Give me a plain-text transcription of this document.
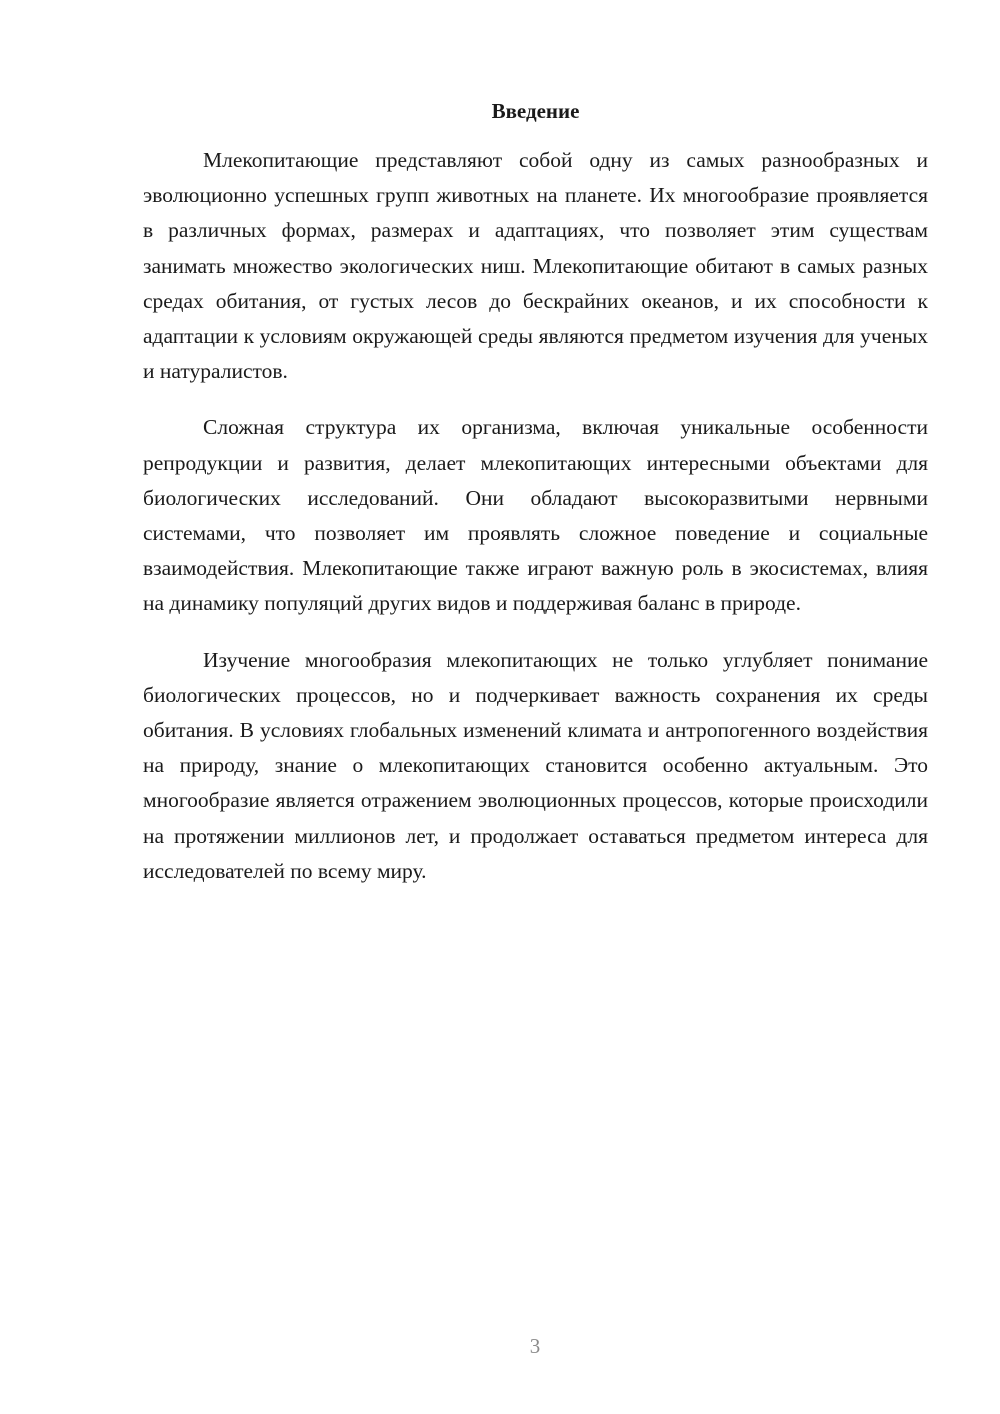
Введение

Млекопитающие представляют собой одну из самых разнообразных и эволюционно успешных групп животных на планете. Их многообразие проявляется в различных формах, размерах и адаптациях, что позволяет этим существам занимать множество экологических ниш. Млекопитающие обитают в самых разных средах обитания, от густых лесов до бескрайних океанов, и их способности к адаптации к условиям окружающей среды являются предметом изучения для ученых и натуралистов.

Сложная структура их организма, включая уникальные особенности репродукции и развития, делает млекопитающих интересными объектами для биологических исследований. Они обладают высокоразвитыми нервными системами, что позволяет им проявлять сложное поведение и социальные взаимодействия. Млекопитающие также играют важную роль в экосистемах, влияя на динамику популяций других видов и поддерживая баланс в природе.

Изучение многообразия млекопитающих не только углубляет понимание биологических процессов, но и подчеркивает важность сохранения их среды обитания. В условиях глобальных изменений климата и антропогенного воздействия на природу, знание о млекопитающих становится особенно актуальным. Это многообразие является отражением эволюционных процессов, которые происходили на протяжении миллионов лет, и продолжает оставаться предметом интереса для исследователей по всему миру.

3
